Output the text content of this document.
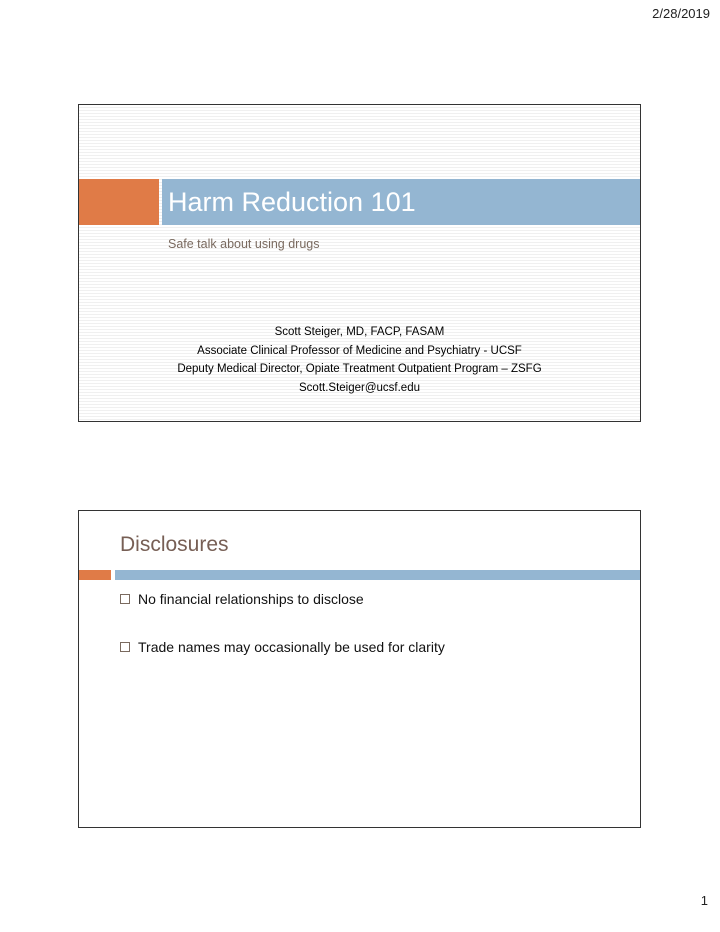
2/28/2019
Harm Reduction 101
Safe talk about using drugs
Scott Steiger, MD, FACP, FASAM
Associate Clinical Professor of Medicine and Psychiatry - UCSF
Deputy Medical Director, Opiate Treatment Outpatient Program – ZSFG
Scott.Steiger@ucsf.edu
Disclosures
No financial relationships to disclose
Trade names may occasionally be used for clarity
1
